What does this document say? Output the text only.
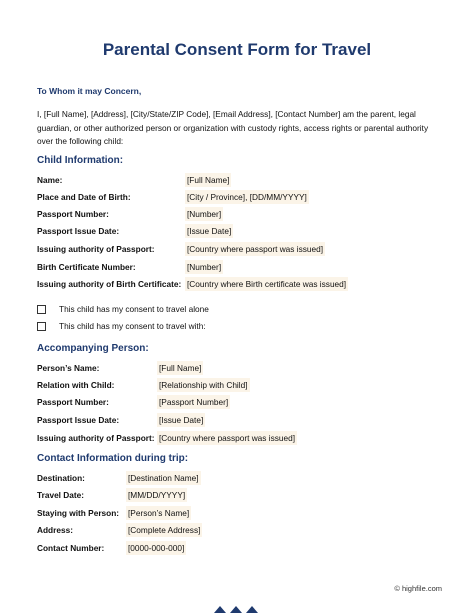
Parental Consent Form for Travel
To Whom it may Concern,
I, [Full Name], [Address], [City/State/ZIP Code], [Email Address], [Contact Number] am the parent, legal guardian, or other authorized person or organization with custody rights, access rights or parental authority over the following child:
Child Information:
Name:	[Full Name]
Place and Date of Birth:	[City / Province], [DD/MM/YYYY]
Passport Number:	[Number]
Passport Issue Date:	[Issue Date]
Issuing authority of Passport:	[Country where passport was issued]
Birth Certificate Number:	[Number]
Issuing authority of Birth Certificate: [Country where Birth certificate was issued]
This child has my consent to travel alone
This child has my consent to travel with:
Accompanying Person:
Person’s Name:	[Full Name]
Relation with Child:	[Relationship with Child]
Passport Number:	[Passport Number]
Passport Issue Date:	[Issue Date]
Issuing authority of Passport: [Country where passport was issued]
Contact Information during trip:
Destination:	[Destination Name]
Travel Date:	[MM/DD/YYYY]
Staying with Person: [Person’s Name]
Address:	[Complete Address]
Contact Number:	[0000-000-000]
© highfile.com
